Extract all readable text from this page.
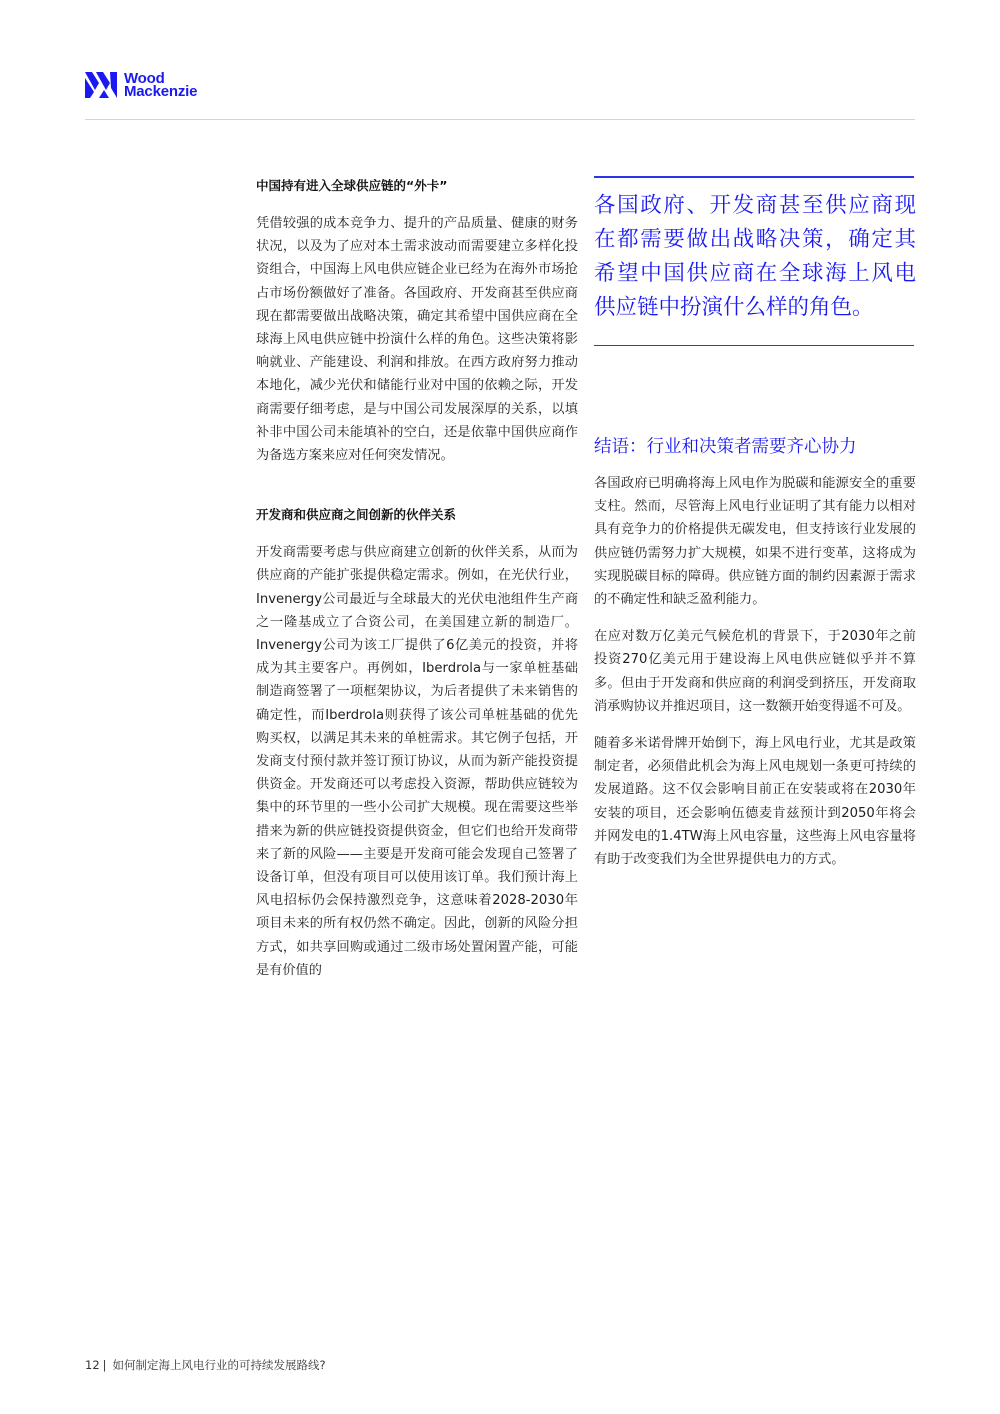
Wood
Mackenzie
中国持有进入全球供应链的“外卡”

凭借较强的成本竞争力、提升的产品质量、健康的财务状况，以及为了应对本土需求波动而需要建立多样化投资组合，中国海上风电供应链企业已经为在海外市场抢占市场份额做好了准备。各国政府、开发商甚至供应商现在都需要做出战略决策，确定其希望中国供应商在全球海上风电供应链中扮演什么样的角色。这些决策将影响就业、产能建设、利润和排放。在西方政府努力推动本地化，减少光伏和储能行业对中国的依赖之际，开发商需要仔细考虑，是与中国公司发展深厚的关系，以填补非中国公司未能填补的空白，还是依靠中国供应商作为备选方案来应对任何突发情况。

开发商和供应商之间创新的伙伴关系

开发商需要考虑与供应商建立创新的伙伴关系，从而为供应商的产能扩张提供稳定需求。例如，在光伏行业，Invenergy公司最近与全球最大的光伏电池组件生产商之一隆基成立了合资公司，在美国建立新的制造厂。Invenergy公司为该工厂提供了6亿美元的投资，并将成为其主要客户。再例如，Iberdrola与一家单桩基础制造商签署了一项框架协议，为后者提供了未来销售的确定性，而Iberdrola则获得了该公司单桩基础的优先购买权，以满足其未来的单桩需求。其它例子包括，开发商支付预付款并签订预订协议，从而为新产能投资提供资金。开发商还可以考虑投入资源，帮助供应链较为集中的环节里的一些小公司扩大规模。现在需要这些举措来为新的供应链投资提供资金，但它们也给开发商带来了新的风险——主要是开发商可能会发现自己签署了设备订单，但没有项目可以使用该订单。我们预计海上风电招标仍会保持激烈竞争，这意味着2028-2030年项目未来的所有权仍然不确定。因此，创新的风险分担方式，如共享回购或通过二级市场处置闲置产能，可能是有价值的

各国政府、开发商甚至供应商现在都需要做出战略决策，确定其希望中国供应商在全球海上风电供应链中扮演什么样的角色。

结语：行业和决策者需要齐心协力

各国政府已明确将海上风电作为脱碳和能源安全的重要支柱。然而，尽管海上风电行业证明了其有能力以相对具有竞争力的价格提供无碳发电，但支持该行业发展的供应链仍需努力扩大规模，如果不进行变革，这将成为实现脱碳目标的障碍。供应链方面的制约因素源于需求的不确定性和缺乏盈利能力。

在应对数万亿美元气候危机的背景下，于2030年之前投资270亿美元用于建设海上风电供应链似乎并不算多。但由于开发商和供应商的利润受到挤压，开发商取消承购协议并推迟项目，这一数额开始变得遥不可及。

随着多米诺骨牌开始倒下，海上风电行业，尤其是政策制定者，必须借此机会为海上风电规划一条更可持续的发展道路。这不仅会影响目前正在安装或将在2030年安装的项目，还会影响伍德麦肯兹预计到2050年将会并网发电的1.4TW海上风电容量，这些海上风电容量将有助于改变我们为全世界提供电力的方式。

12 | 如何制定海上风电行业的可持续发展路线?
